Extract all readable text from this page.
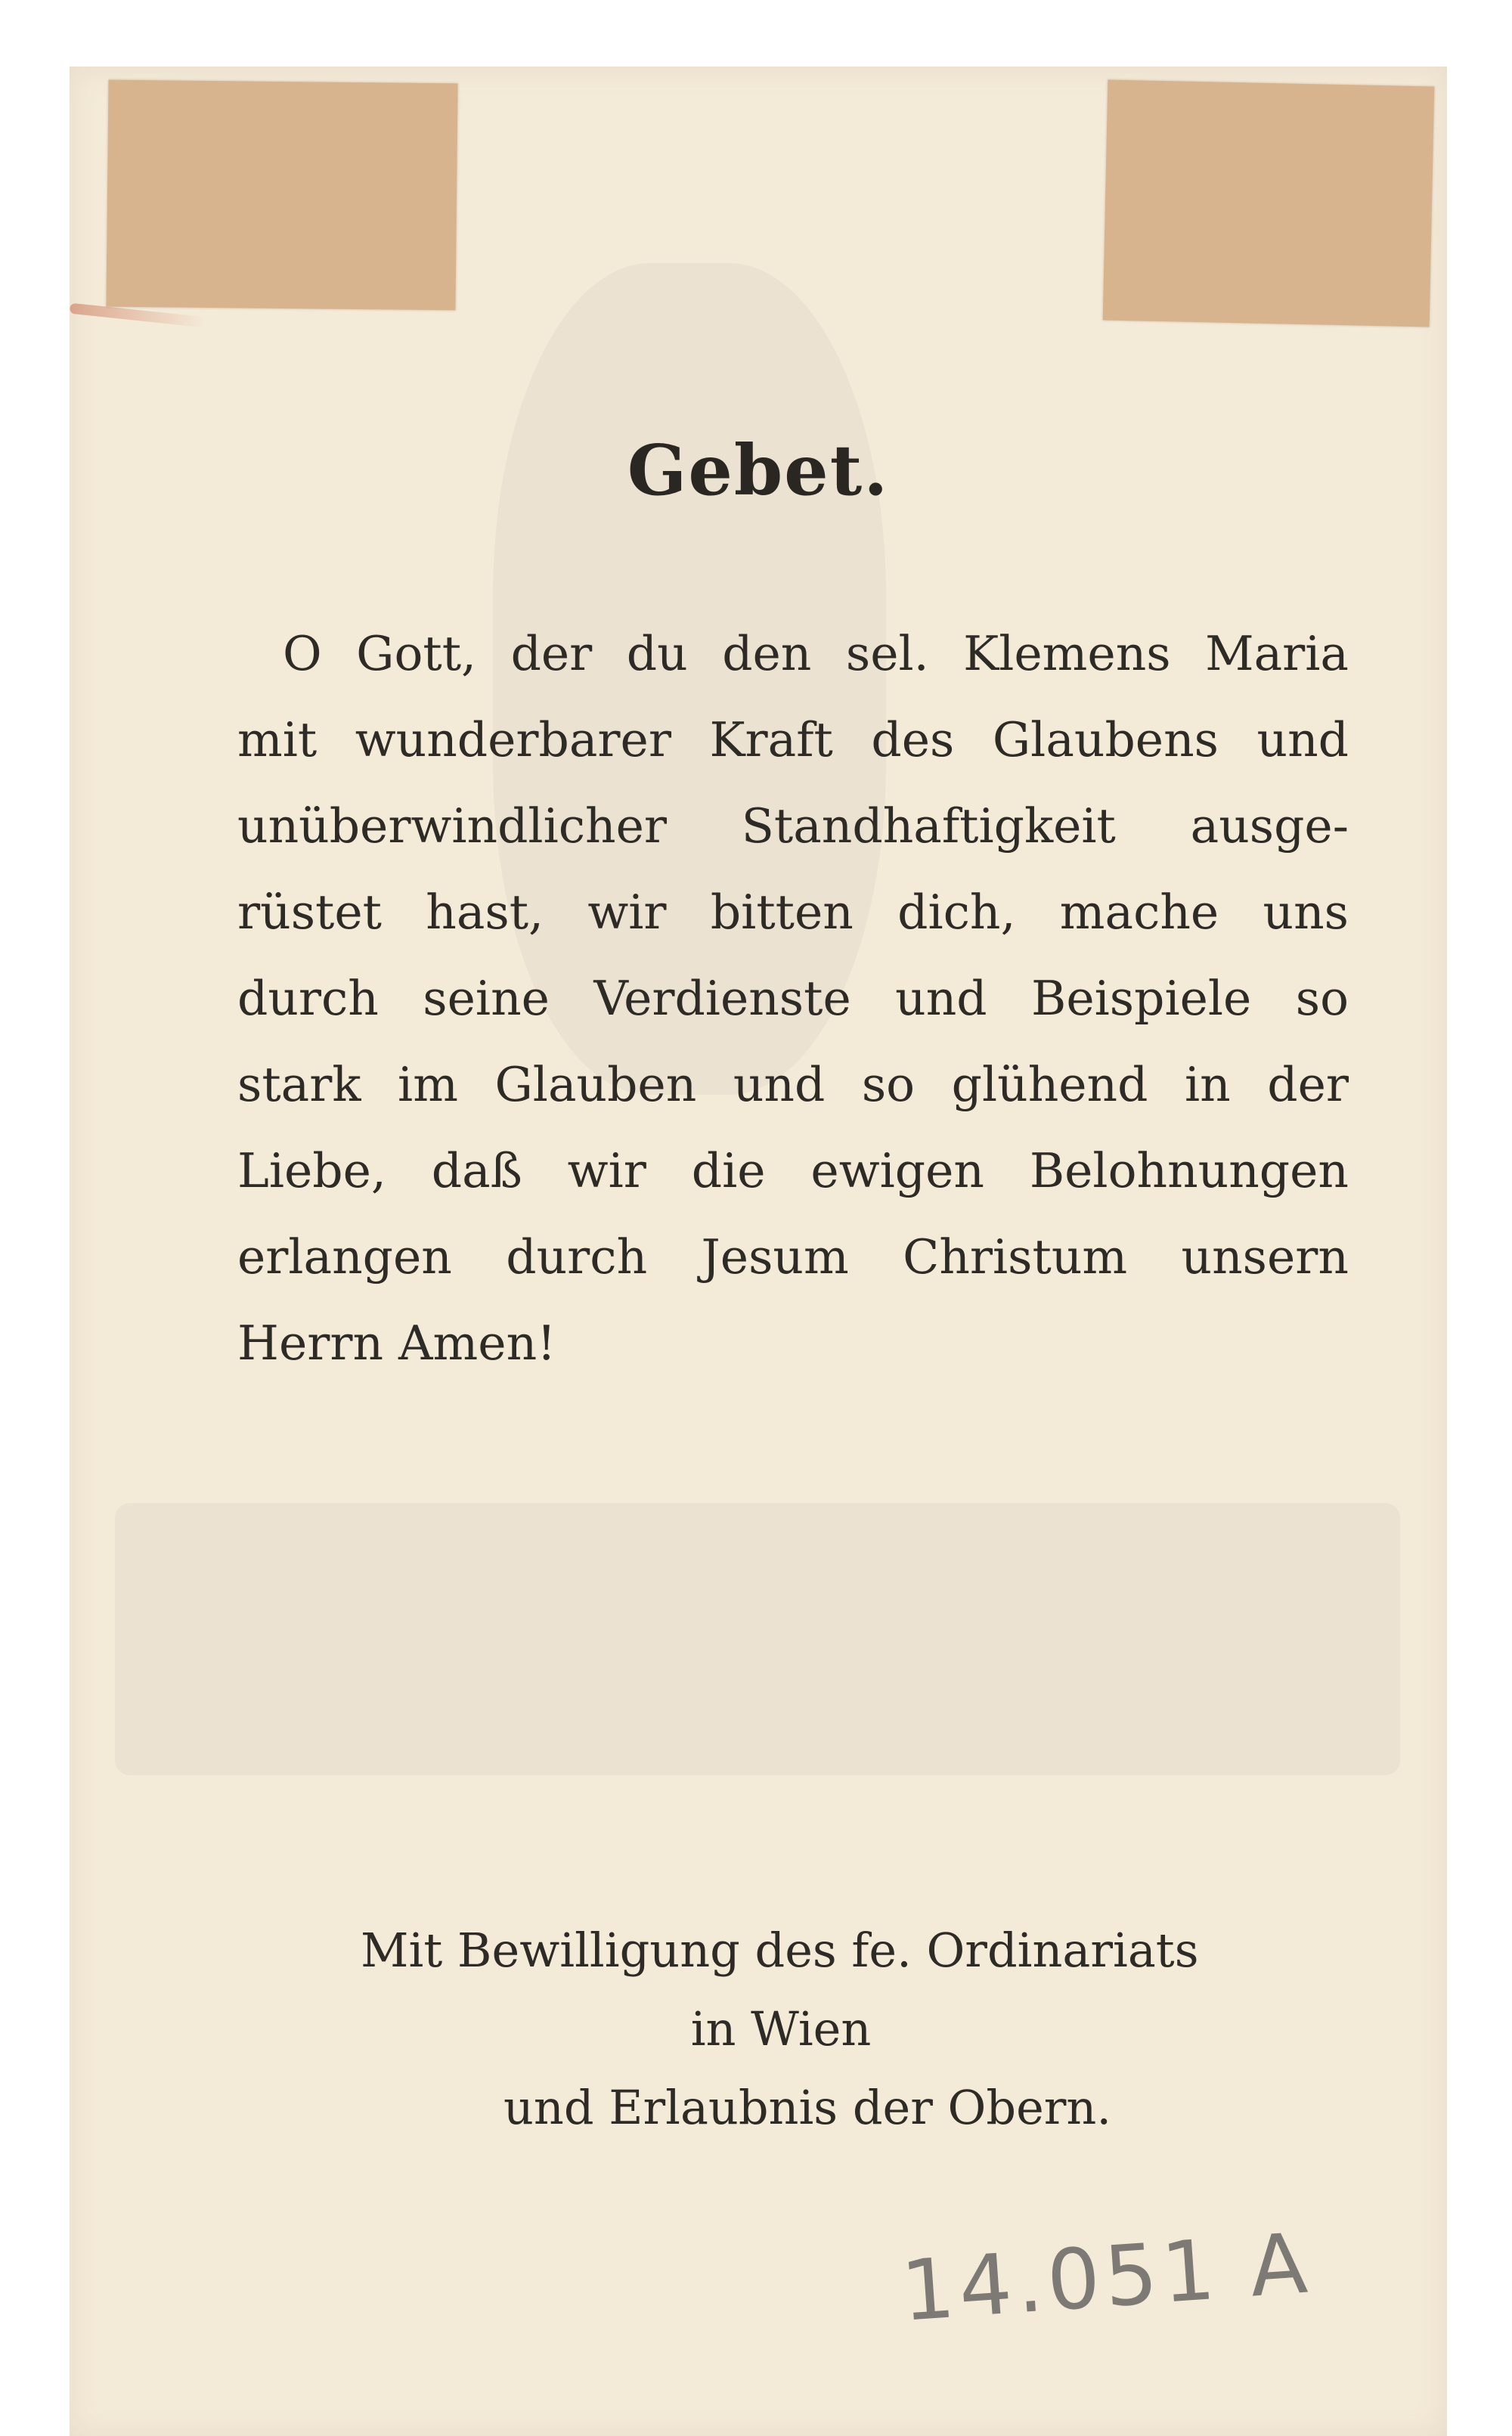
Gebet.
O Gott, der du den sel. Klemens Maria
mit wunderbarer Kraft des Glaubens und
unüberwindlicher Standhaftigkeit ausge-
rüstet hast, wir bitten dich, mache uns
durch seine Verdienste und Beispiele so
stark im Glauben und so glühend in der
Liebe, daß wir die ewigen Belohnungen
erlangen durch Jesum Christum unsern
Herrn Amen!
Mit Bewilligung des fe. Ordinariats
in Wien
und Erlaubnis der Obern.
14.051 A
